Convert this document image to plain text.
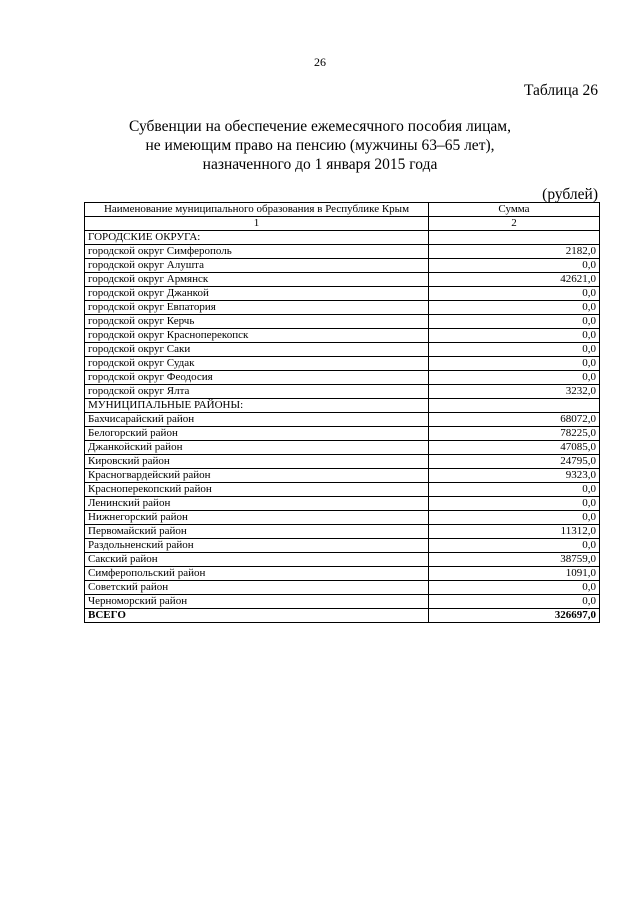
26
Таблица 26
Субвенции на обеспечение ежемесячного пособия лицам,
не имеющим право на пенсию (мужчины 63–65 лет),
назначенного до 1 января 2015 года
(рублей)
Наименование муниципального образования в Республике Крым	Сумма
1	2
ГОРОДСКИЕ ОКРУГА:	
городской округ Симферополь	2182,0
городской округ Алушта	0,0
городской округ Армянск	42621,0
городской округ Джанкой	0,0
городской округ Евпатория	0,0
городской округ Керчь	0,0
городской округ Красноперекопск	0,0
городской округ Саки	0,0
городской округ Судак	0,0
городской округ Феодосия	0,0
городской округ Ялта	3232,0
МУНИЦИПАЛЬНЫЕ РАЙОНЫ:	
Бахчисарайский район	68072,0
Белогорский район	78225,0
Джанкойский район	47085,0
Кировский район	24795,0
Красногвардейский район	9323,0
Красноперекопский район	0,0
Ленинский район	0,0
Нижнегорский район	0,0
Первомайский район	11312,0
Раздольненский район	0,0
Сакский район	38759,0
Симферопольский район	1091,0
Советский район	0,0
Черноморский район	0,0
ВСЕГО	326697,0
